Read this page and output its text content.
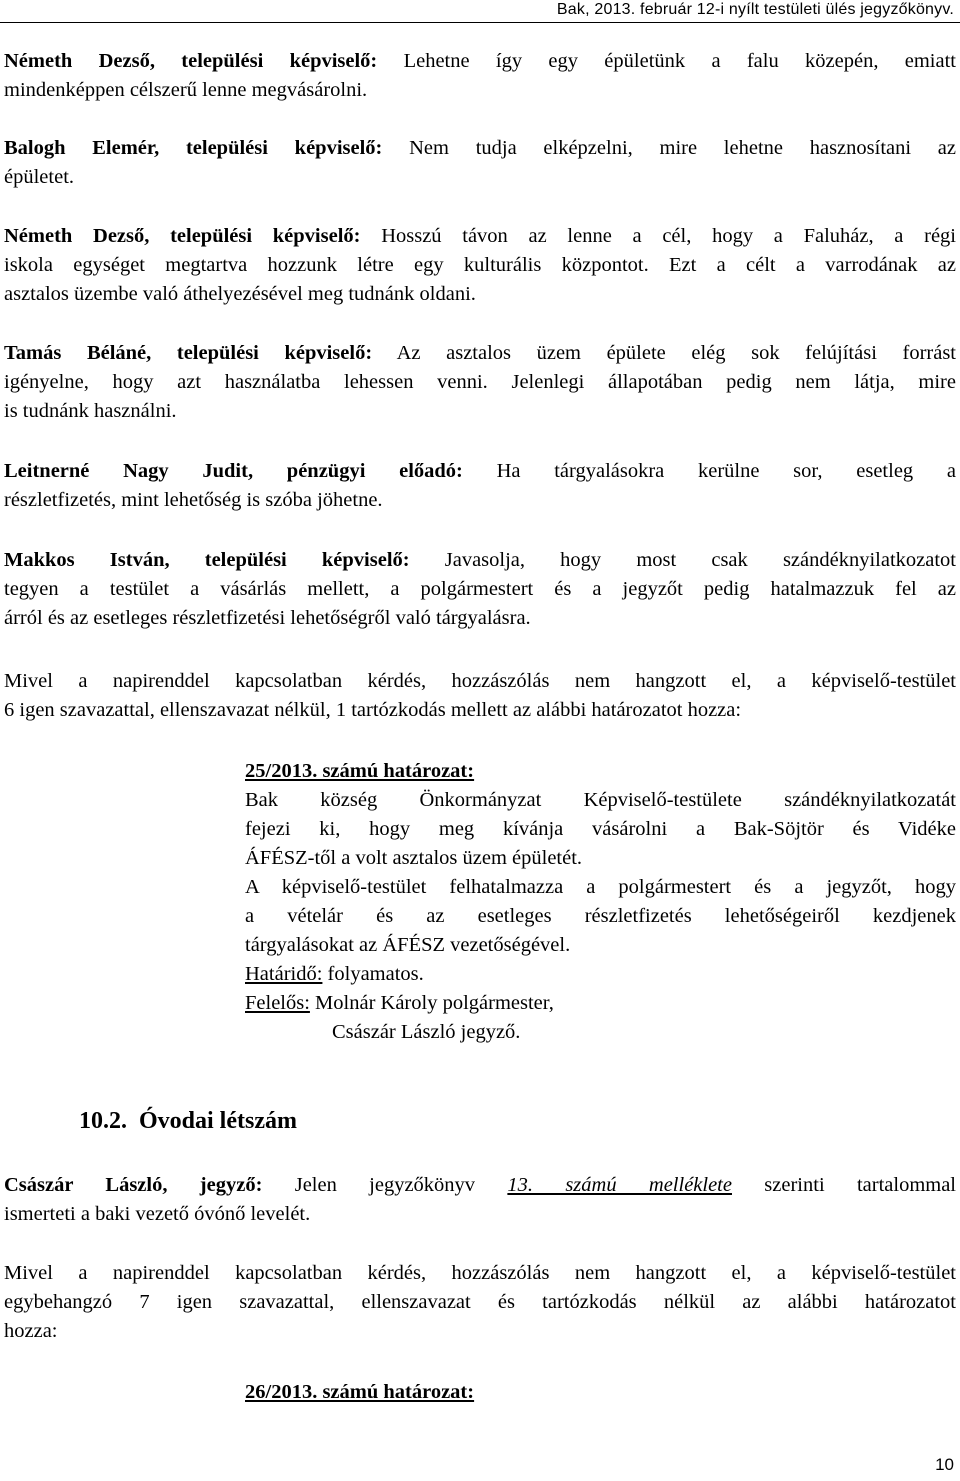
Bak, 2013. február 12-i nyílt testületi ülés jegyzőkönyv.
Németh Dezső, települési képviselő: Lehetne így egy épületünk a falu közepén, emiatt
mindenképpen célszerű lenne megvásárolni.
Balogh Elemér, települési képviselő: Nem tudja elképzelni, mire lehetne hasznosítani az
épületet.
Németh Dezső, települési képviselő: Hosszú távon az lenne a cél, hogy a Faluház, a régi
iskola egységet megtartva hozzunk létre egy kulturális központot. Ezt a célt a varrodának az
asztalos üzembe való áthelyezésével meg tudnánk oldani.
Tamás Béláné, települési képviselő: Az asztalos üzem épülete elég sok felújítási forrást
igényelne, hogy azt használatba lehessen venni. Jelenlegi állapotában pedig nem látja, mire
is tudnánk használni.
Leitnerné Nagy Judit, pénzügyi előadó: Ha tárgyalásokra kerülne sor, esetleg a
részletfizetés, mint lehetőség is szóba jöhetne.
Makkos István, települési képviselő: Javasolja, hogy most csak szándéknyilatkozatot
tegyen a testület a vásárlás mellett, a polgármestert és a jegyzőt pedig hatalmazzuk fel az
árról és az esetleges részletfizetési lehetőségről való tárgyalásra.
Mivel a napirenddel kapcsolatban kérdés, hozzászólás nem hangzott el, a képviselő-testület
6 igen szavazattal, ellenszavazat nélkül, 1 tartózkodás mellett az alábbi határozatot hozza:
25/2013. számú határozat:
Bak község Önkormányzat Képviselő-testülete szándéknyilatkozatát
fejezi ki, hogy meg kívánja vásárolni a Bak-Söjtör és Vidéke
ÁFÉSZ-től a volt asztalos üzem épületét.
A képviselő-testület felhatalmazza a polgármestert és a jegyzőt, hogy
a vételár és az esetleges részletfizetés lehetőségeiről kezdjenek
tárgyalásokat az ÁFÉSZ vezetőségével.
Határidő: folyamatos.
Felelős: Molnár Károly polgármester,
Császár László jegyző.
10.2. Óvodai létszám
Császár László, jegyző: Jelen jegyzőkönyv 13. számú melléklete szerinti tartalommal
ismerteti a baki vezető óvónő levelét.
Mivel a napirenddel kapcsolatban kérdés, hozzászólás nem hangzott el, a képviselő-testület
egybehangzó 7 igen szavazattal, ellenszavazat és tartózkodás nélkül az alábbi határozatot
hozza:
26/2013. számú határozat:
10
